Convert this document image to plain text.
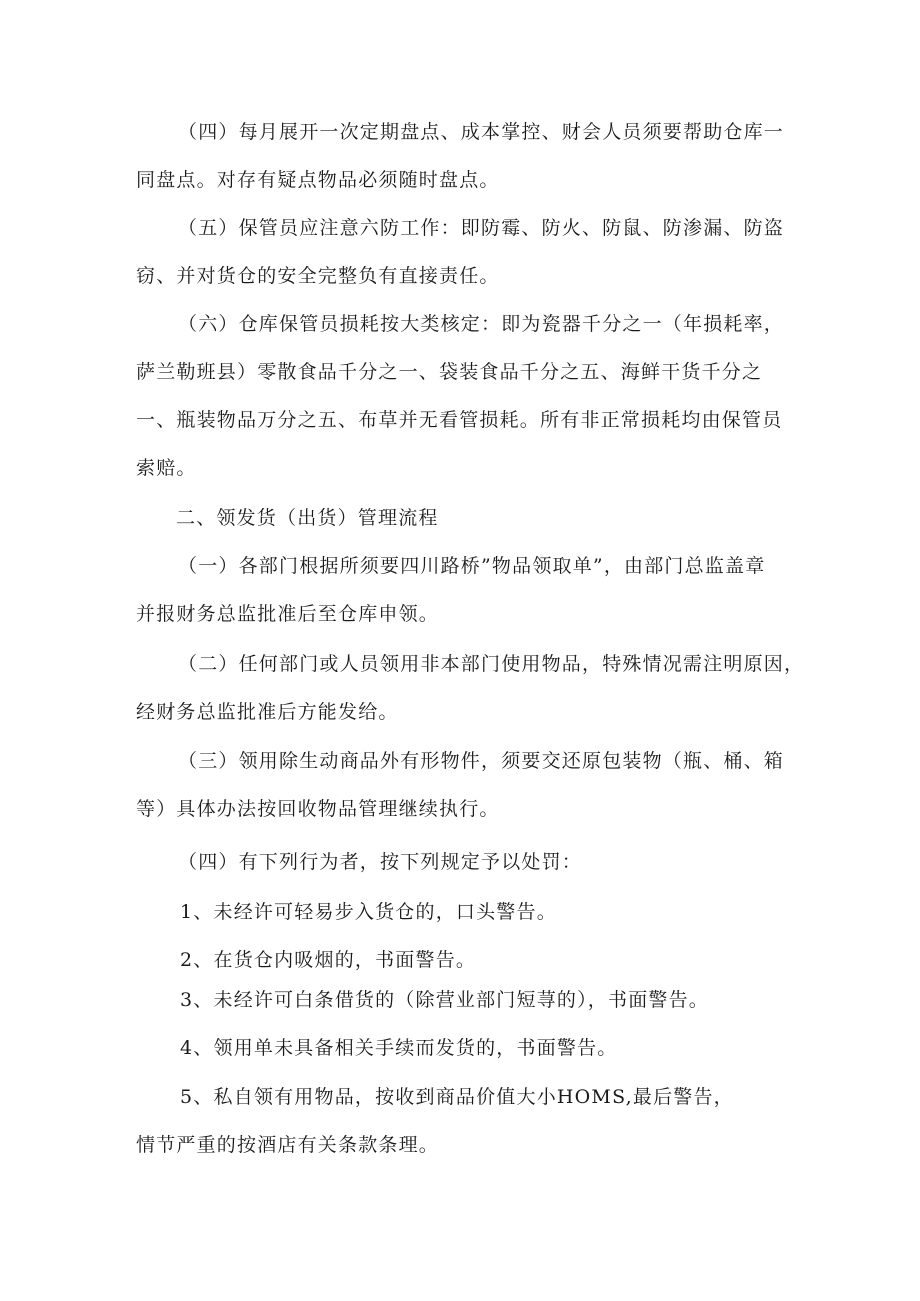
（四）每月展开一次定期盘点、成本掌控、财会人员须要帮助仓库一
同盘点。对存有疑点物品必须随时盘点。

（五）保管员应注意六防工作：即防霉、防火、防鼠、防渗漏、防盗
窃、并对货仓的安全完整负有直接责任。

（六）仓库保管员损耗按大类核定：即为瓷器千分之一（年损耗率，
萨兰勒班县）零散食品千分之一、袋装食品千分之五、海鲜干货千分之
一、瓶装物品万分之五、布草并无看管损耗。所有非正常损耗均由保管员
索赔。

二、领发货（出货）管理流程

（一）各部门根据所须要四川路桥”物品领取单”，由部门总监盖章
并报财务总监批准后至仓库申领。

（二）任何部门或人员领用非本部门使用物品，特殊情况需注明原因，
经财务总监批准后方能发给。

（三）领用除生动商品外有形物件，须要交还原包装物（瓶、桶、箱
等）具体办法按回收物品管理继续执行。

（四）有下列行为者，按下列规定予以处罚：

1、未经许可轻易步入货仓的，口头警告。

2、在货仓内吸烟的，书面警告。

3、未经许可白条借货的（除营业部门短荨的），书面警告。

4、领用单未具备相关手续而发货的，书面警告。

5、私自领有用物品，按收到商品价值大小HOMS,最后警告，
情节严重的按酒店有关条款条理。
